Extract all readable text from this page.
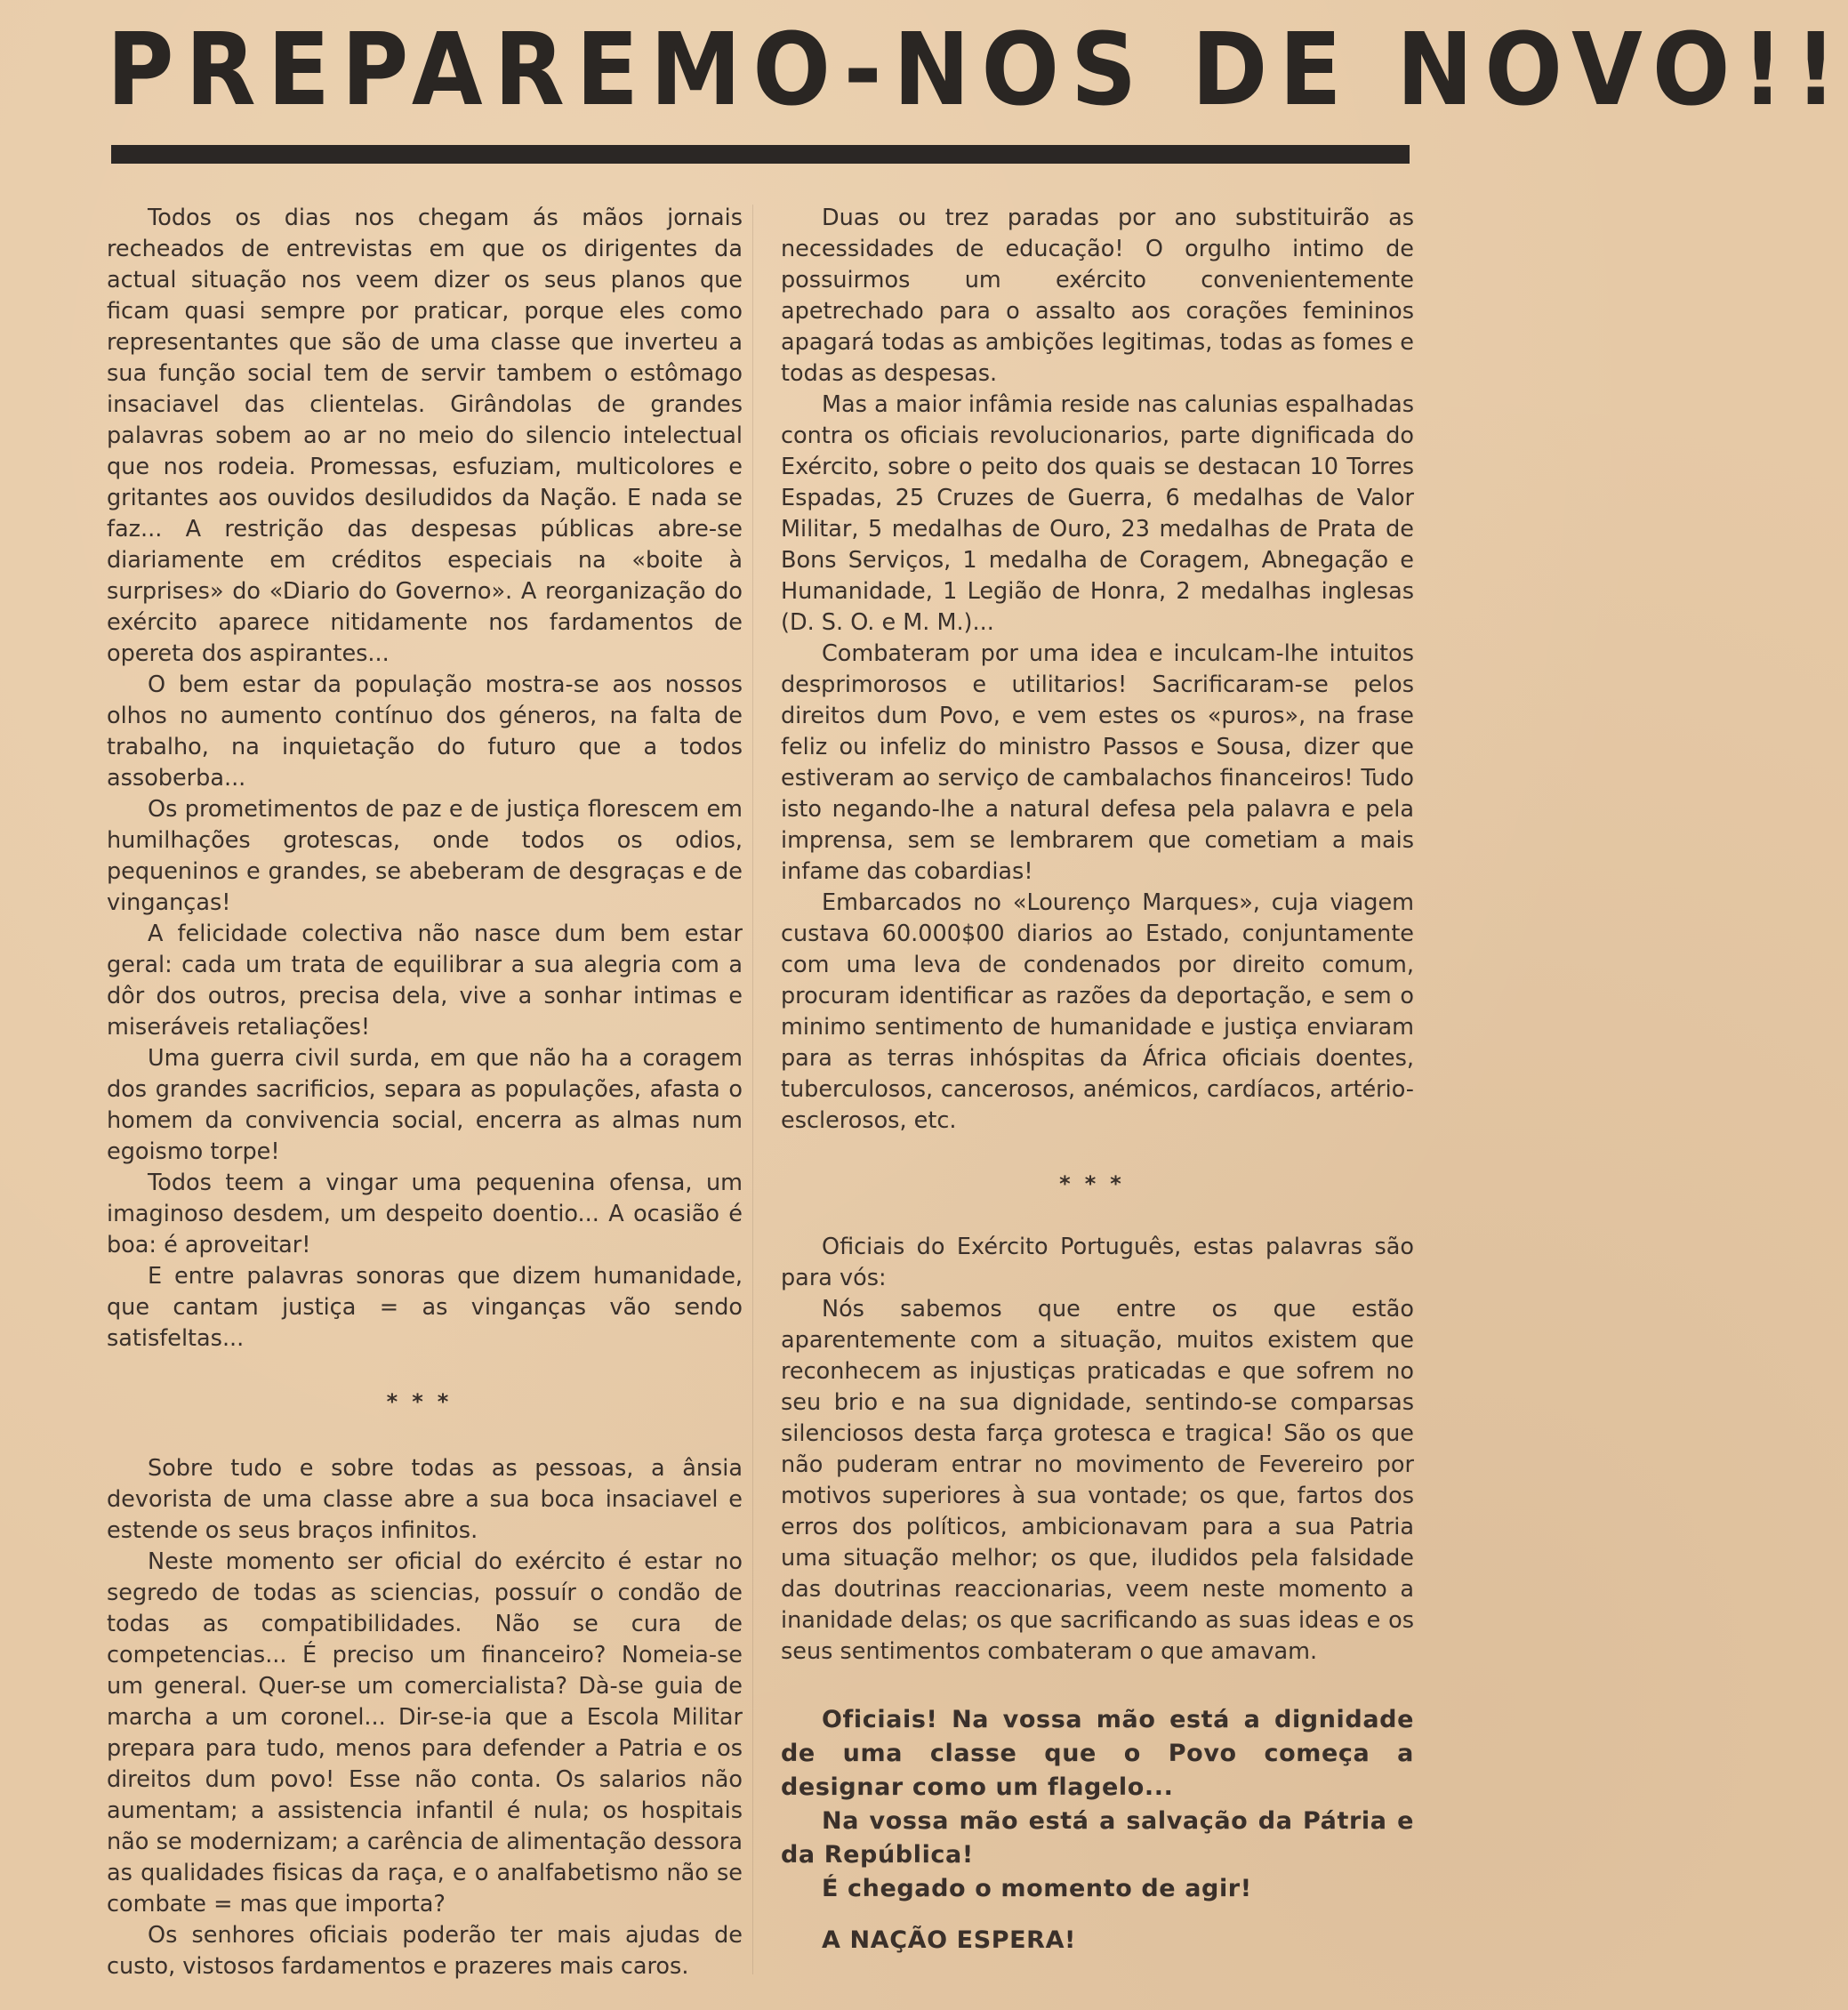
PREPAREMO-NOS DE NOVO!!

Todos os dias nos chegam ás mãos jornais recheados de entrevistas em que os dirigentes da actual situação nos veem dizer os seus planos que ficam quasi sempre por praticar, porque eles como representantes que são de uma classe que inverteu a sua função social tem de servir tambem o estômago insaciavel das clientelas. Girândolas de grandes palavras sobem ao ar no meio do silencio intelectual que nos rodeia. Promessas, esfuziam, multicolores e gritantes aos ouvidos desiludidos da Nação. E nada se faz... A restrição das despesas públicas abre-se diariamente em créditos especiais na «boite à surprises» do «Diario do Governo». A reorganização do exército aparece nitidamente nos fardamentos de opereta dos aspirantes...

O bem estar da população mostra-se aos nossos olhos no aumento contínuo dos géneros, na falta de trabalho, na inquietação do futuro que a todos assoberba...

Os prometimentos de paz e de justiça florescem em humilhações grotescas, onde todos os odios, pequeninos e grandes, se abeberam de desgraças e de vinganças!

A felicidade colectiva não nasce dum bem estar geral: cada um trata de equilibrar a sua alegria com a dôr dos outros, precisa dela, vive a sonhar intimas e miseráveis retaliações!

Uma guerra civil surda, em que não ha a coragem dos grandes sacrificios, separa as populações, afasta o homem da convivencia social, encerra as almas num egoismo torpe!

Todos teem a vingar uma pequenina ofensa, um imaginoso desdem, um despeito doentio... A ocasião é boa: é aproveitar!

E entre palavras sonoras que dizem humanidade, que cantam justiça = as vinganças vão sendo satisfeltas...

***

Sobre tudo e sobre todas as pessoas, a ânsia devorista de uma classe abre a sua boca insaciavel e estende os seus braços infinitos.

Neste momento ser oficial do exército é estar no segredo de todas as sciencias, possuír o condão de todas as compatibilidades. Não se cura de competencias... É preciso um financeiro? Nomeia-se um general. Quer-se um comercialista? Dà-se guia de marcha a um coronel... Dir-se-ia que a Escola Militar prepara para tudo, menos para defender a Patria e os direitos dum povo! Esse não conta. Os salarios não aumentam; a assistencia infantil é nula; os hospitais não se modernizam; a carência de alimentação dessora as qualidades fisicas da raça, e o analfabetismo não se combate = mas que importa?

Os senhores oficiais poderão ter mais ajudas de custo, vistosos fardamentos e prazeres mais caros.

Duas ou trez paradas por ano substituirão as necessidades de educação! O orgulho intimo de possuirmos um exército convenientemente apetrechado para o assalto aos corações femininos apagará todas as ambições legitimas, todas as fomes e todas as despesas.

Mas a maior infâmia reside nas calunias espalhadas contra os oficiais revolucionarios, parte dignificada do Exército, sobre o peito dos quais se destacan 10 Torres Espadas, 25 Cruzes de Guerra, 6 medalhas de Valor Militar, 5 medalhas de Ouro, 23 medalhas de Prata de Bons Serviços, 1 medalha de Coragem, Abnegação e Humanidade, 1 Legião de Honra, 2 medalhas inglesas (D. S. O. e M. M.)...

Combateram por uma idea e inculcam-lhe intuitos desprimorosos e utilitarios! Sacrificaram-se pelos direitos dum Povo, e vem estes os «puros», na frase feliz ou infeliz do ministro Passos e Sousa, dizer que estiveram ao serviço de cambalachos financeiros! Tudo isto negando-lhe a natural defesa pela palavra e pela imprensa, sem se lembrarem que cometiam a mais infame das cobardias!

Embarcados no «Lourenço Marques», cuja viagem custava 60.000$00 diarios ao Estado, conjuntamente com uma leva de condenados por direito comum, procuram identificar as razões da deportação, e sem o minimo sentimento de humanidade e justiça enviaram para as terras inhóspitas da África oficiais doentes, tuberculosos, cancerosos, anémicos, cardíacos, artério-esclerosos, etc.

***

Oficiais do Exército Português, estas palavras são para vós:

Nós sabemos que entre os que estão aparentemente com a situação, muitos existem que reconhecem as injustiças praticadas e que sofrem no seu brio e na sua dignidade, sentindo-se comparsas silenciosos desta farça grotesca e tragica! São os que não puderam entrar no movimento de Fevereiro por motivos superiores à sua vontade; os que, fartos dos erros dos políticos, ambicionavam para a sua Patria uma situação melhor; os que, iludidos pela falsidade das doutrinas reaccionarias, veem neste momento a inanidade delas; os que sacrificando as suas ideas e os seus sentimentos combateram o que amavam.

Oficiais! Na vossa mão está a dignidade de uma classe que o Povo começa a designar como um flagelo...

Na vossa mão está a salvação da Pátria e da República!

É chegado o momento de agir!

A NAÇÃO ESPERA!
